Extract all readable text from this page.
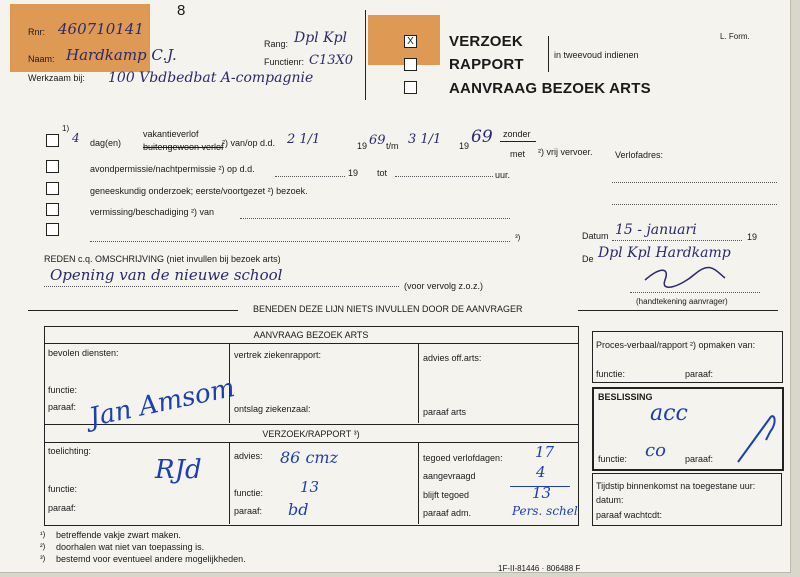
8
Rnr: 460710141
Naam: Hardkamp C.J.
Werkzaam bij: 100 Vbdbedbat A-compagnie
Rang: Dpl Kpl
Functienr: C13X0
X VERZOEK
RAPPORT
AANVRAAG BEZOEK ARTS
in tweevoud indienen
L. Form.
1)
4 dag(en)
vakantieverlof
buitengewoon verlof
²) van/op d.d. 2 1/1	19 69 t/m 3 1/1 19 69 zonder
met ²) vrij vervoer. Verlofadres:
avondpermissie/nachtpermissie ²) op d.d.	19 tot	uur.
geneeskundig onderzoek; eerste/voortgezet ²) bezoek.
vermissing/beschadiging ²) van
³)
REDEN c.q. OMSCHRIJVING (niet invullen bij bezoek arts)
Opening van de nieuwe school
(voor vervolg z.o.z.)
Datum 15 - januari	19
De Dpl Kpl Hardkamp
(handtekening aanvrager)
BENEDEN DEZE LIJN NIETS INVULLEN DOOR DE AANVRAGER
AANVRAAG BEZOEK ARTS
bevolen diensten:	vertrek ziekenrapport:	advies off.arts:
functie:
paraaf:	ontslag ziekenzaal:	paraaf arts
VERZOEK/RAPPORT ³)
toelichting:
functie:
paraaf:
advies: 86 cmz
functie: 13
paraaf: bd
tegoed verlofdagen: 17
aangevraagd	4
blijft tegoed	13
paraaf adm.	Pers. schel
Jan Amsom
RJd
Proces-verbaal/rapport ²) opmaken van:
functie:	paraaf:
BESLISSING
acc
functie: co paraaf:
Tijdstip binnenkomst na toegestane uur:
datum:
paraaf wachtcdt:
¹) betreffende vakje zwart maken.
²) doorhalen wat niet van toepassing is.
³) bestemd voor eventueel andere mogelijkheden.
1F-II-81446 · 806488 F
